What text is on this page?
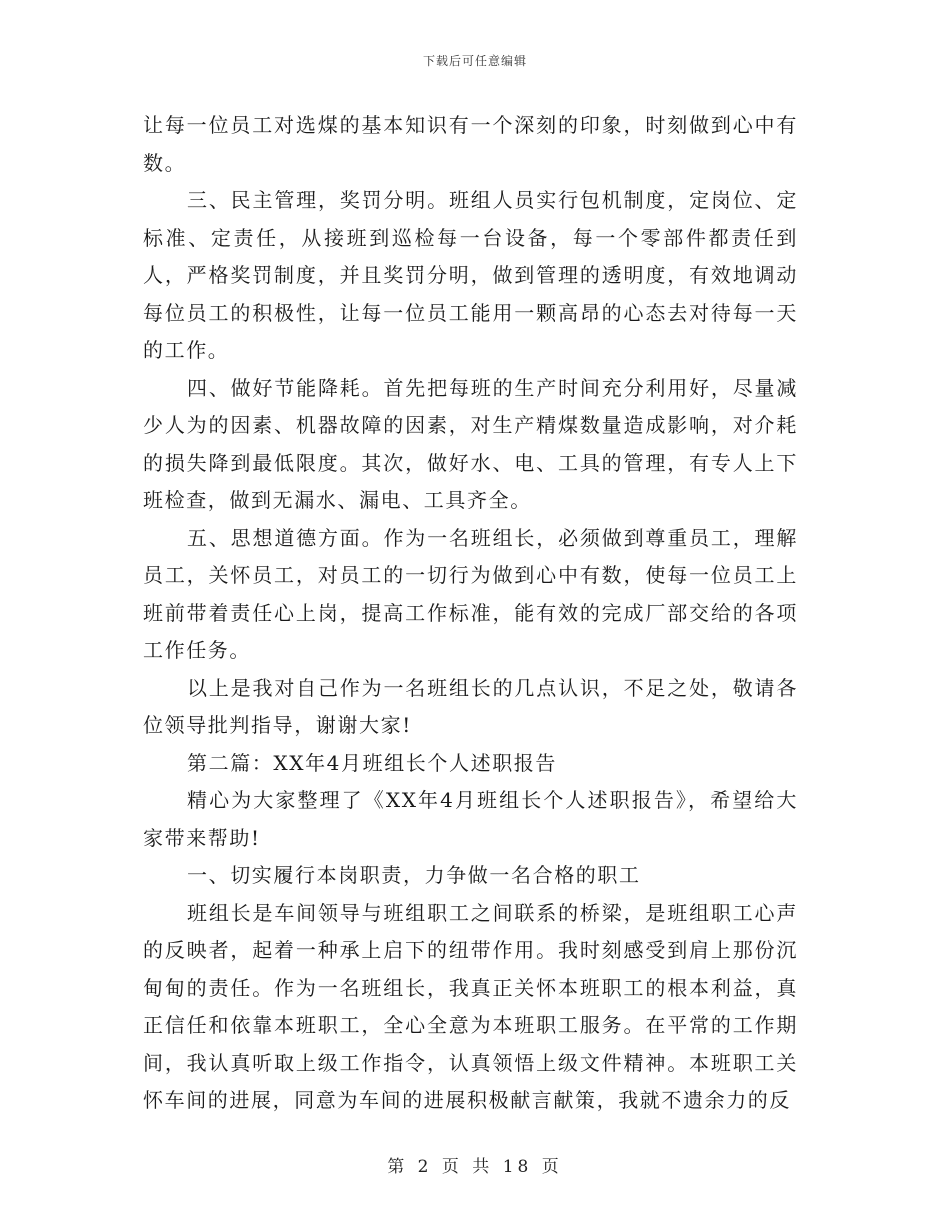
下载后可任意编辑

让每一位员工对选煤的基本知识有一个深刻的印象，时刻做到心中有数。

三、民主管理，奖罚分明。班组人员实行包机制度，定岗位、定标准、定责任，从接班到巡检每一台设备，每一个零部件都责任到人，严格奖罚制度，并且奖罚分明，做到管理的透明度，有效地调动每位员工的积极性，让每一位员工能用一颗高昂的心态去对待每一天的工作。

四、做好节能降耗。首先把每班的生产时间充分利用好，尽量减少人为的因素、机器故障的因素，对生产精煤数量造成影响，对介耗的损失降到最低限度。其次，做好水、电、工具的管理，有专人上下班检查，做到无漏水、漏电、工具齐全。

五、思想道德方面。作为一名班组长，必须做到尊重员工，理解员工，关怀员工，对员工的一切行为做到心中有数，使每一位员工上班前带着责任心上岗，提高工作标准，能有效的完成厂部交给的各项工作任务。

以上是我对自己作为一名班组长的几点认识，不足之处，敬请各位领导批判指导，谢谢大家!

第二篇：XX年4月班组长个人述职报告

精心为大家整理了《XX年4月班组长个人述职报告》，希望给大家带来帮助!

一、切实履行本岗职责，力争做一名合格的职工

班组长是车间领导与班组职工之间联系的桥梁，是班组职工心声的反映者，起着一种承上启下的纽带作用。我时刻感受到肩上那份沉甸甸的责任。作为一名班组长，我真正关怀本班职工的根本利益，真正信任和依靠本班职工，全心全意为本班职工服务。在平常的工作期间，我认真听取上级工作指令，认真领悟上级文件精神。本班职工关怀车间的进展，同意为车间的进展积极献言献策，我就不遗余力的反

第 2 页 共 18 页
